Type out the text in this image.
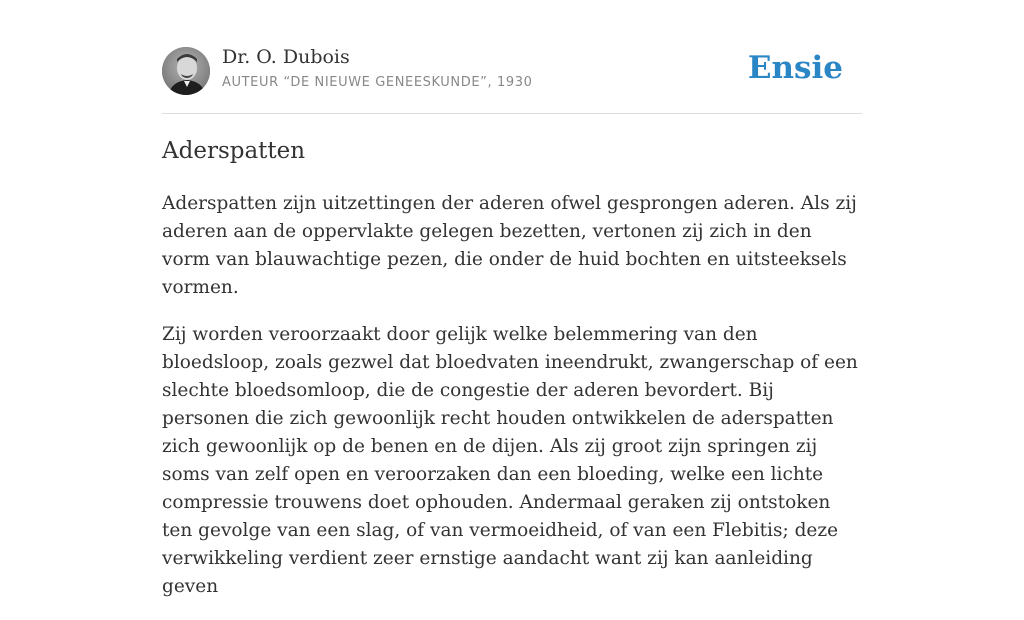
Dr. O. Dubois
AUTEUR “DE NIEUWE GENEESKUNDE”, 1930	Ensie
Aderspatten

Aderspatten zijn uitzettingen der aderen ofwel gesprongen aderen. Als zij aderen aan de oppervlakte gelegen bezetten, vertonen zij zich in den vorm van blauwachtige pezen, die onder de huid bochten en uitsteeksels vormen.

Zij worden veroorzaakt door gelijk welke belemmering van den bloedsloop, zoals gezwel dat bloedvaten ineendrukt, zwangerschap of een slechte bloedsomloop, die de congestie der aderen bevordert. Bij personen die zich gewoonlijk recht houden ontwikkelen de aderspatten zich gewoonlijk op de benen en de dijen. Als zij groot zijn springen zij soms van zelf open en veroorzaken dan een bloeding, welke een lichte compressie trouwens doet ophouden. Andermaal geraken zij ontstoken ten gevolge van een slag, of van vermoeidheid, of van een Flebitis; deze verwikkeling verdient zeer ernstige aandacht want zij kan aanleiding geven
